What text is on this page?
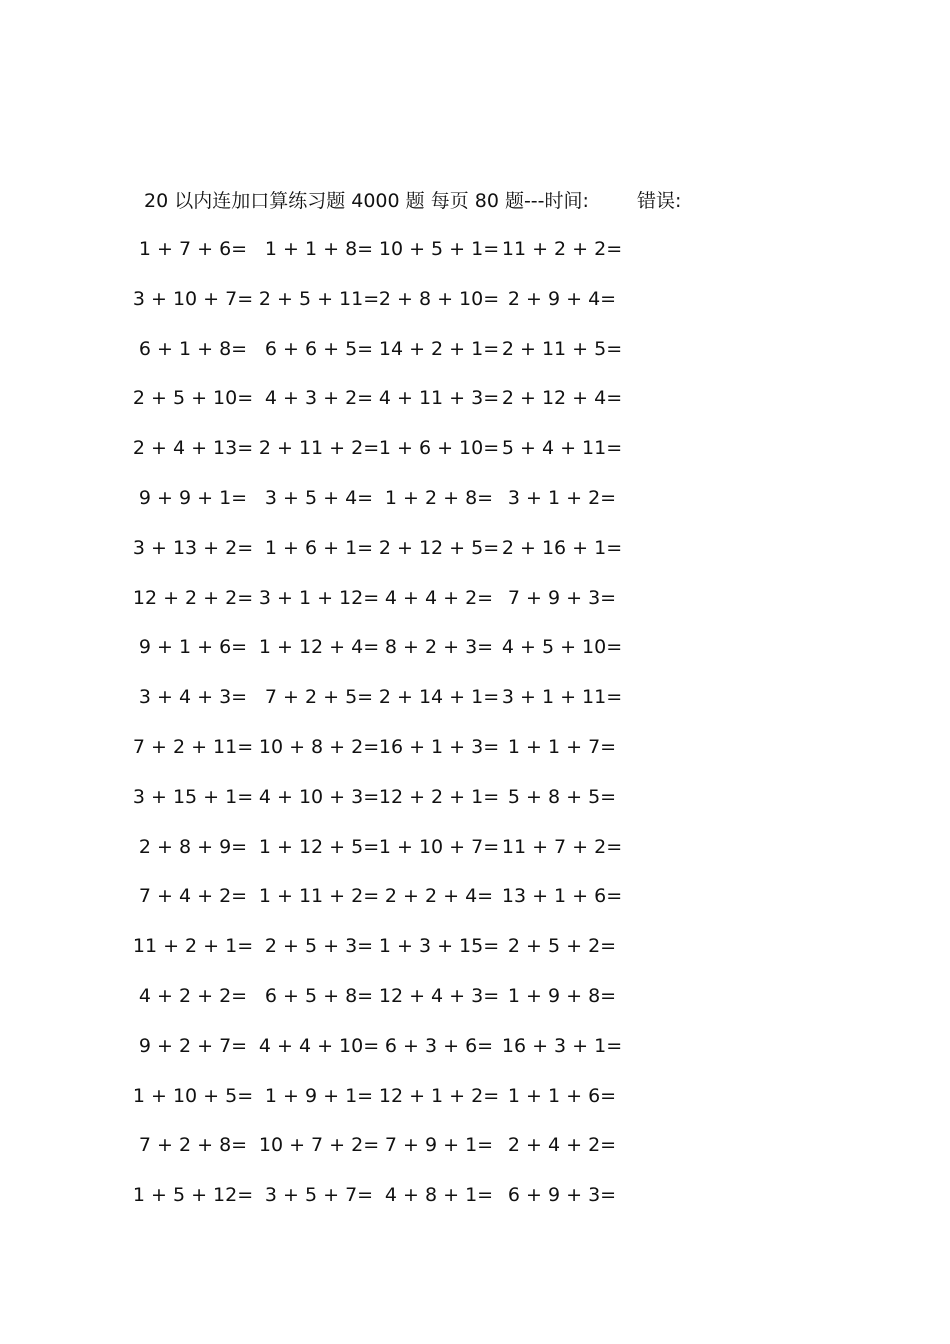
20 以内连加口算练习题 4000 题 每页 80 题---时间:	错误:
1 + 7 + 6= 1 + 1 + 8= 10 + 5 + 1= 11 + 2 + 2=
3 + 10 + 7= 2 + 5 + 11= 2 + 8 + 10= 2 + 9 + 4=
6 + 1 + 8= 6 + 6 + 5= 14 + 2 + 1= 2 + 11 + 5=
2 + 5 + 10= 4 + 3 + 2= 4 + 11 + 3= 2 + 12 + 4=
2 + 4 + 13= 2 + 11 + 2= 1 + 6 + 10= 5 + 4 + 11=
9 + 9 + 1= 3 + 5 + 4= 1 + 2 + 8= 3 + 1 + 2=
3 + 13 + 2= 1 + 6 + 1= 2 + 12 + 5= 2 + 16 + 1=
12 + 2 + 2= 3 + 1 + 12= 4 + 4 + 2= 7 + 9 + 3=
9 + 1 + 6= 1 + 12 + 4= 8 + 2 + 3= 4 + 5 + 10=
3 + 4 + 3= 7 + 2 + 5= 2 + 14 + 1= 3 + 1 + 11=
7 + 2 + 11= 10 + 8 + 2= 16 + 1 + 3= 1 + 1 + 7=
3 + 15 + 1= 4 + 10 + 3= 12 + 2 + 1= 5 + 8 + 5=
2 + 8 + 9= 1 + 12 + 5= 1 + 10 + 7= 11 + 7 + 2=
7 + 4 + 2= 1 + 11 + 2= 2 + 2 + 4= 13 + 1 + 6=
11 + 2 + 1= 2 + 5 + 3= 1 + 3 + 15= 2 + 5 + 2=
4 + 2 + 2= 6 + 5 + 8= 12 + 4 + 3= 1 + 9 + 8=
9 + 2 + 7= 4 + 4 + 10= 6 + 3 + 6= 16 + 3 + 1=
1 + 10 + 5= 1 + 9 + 1= 12 + 1 + 2= 1 + 1 + 6=
7 + 2 + 8= 10 + 7 + 2= 7 + 9 + 1= 2 + 4 + 2=
1 + 5 + 12= 3 + 5 + 7= 4 + 8 + 1= 6 + 9 + 3=
